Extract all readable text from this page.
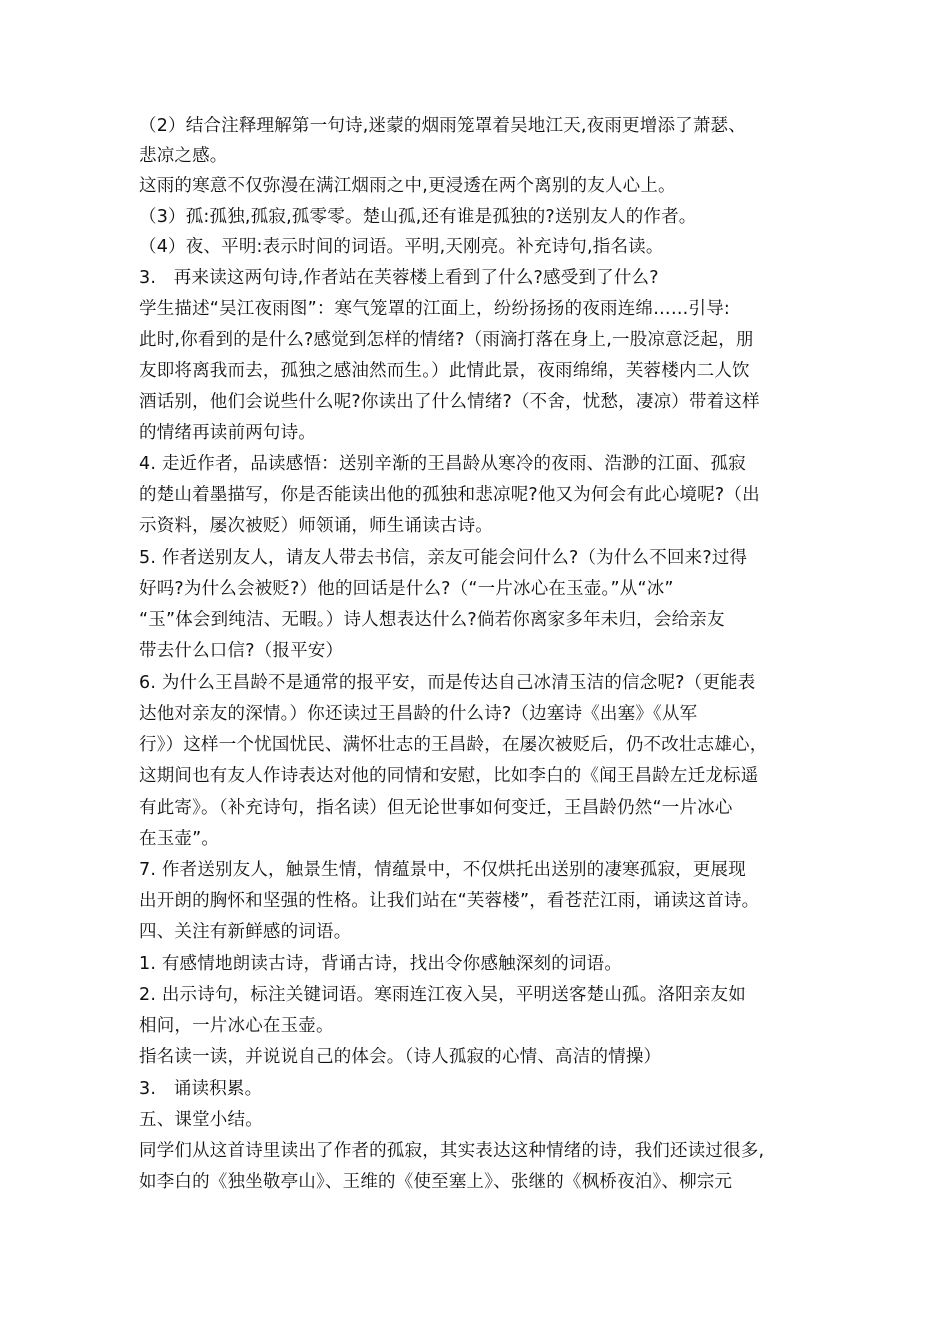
（2）结合注释理解第一句诗,迷蒙的烟雨笼罩着吴地江天,夜雨更增添了萧瑟、
悲凉之感。
这雨的寒意不仅弥漫在满江烟雨之中,更浸透在两个离别的友人心上。
（3）孤:孤独,孤寂,孤零零。楚山孤,还有谁是孤独的?送别友人的作者。
（4）夜、平明:表示时间的词语。平明,天刚亮。补充诗句,指名读。
3.　再来读这两句诗,作者站在芙蓉楼上看到了什么?感受到了什么?
学生描述“吴江夜雨图”：寒气笼罩的江面上，纷纷扬扬的夜雨连绵……引导:
此时,你看到的是什么?感觉到怎样的情绪?（雨滴打落在身上,一股凉意泛起，朋
友即将离我而去，孤独之感油然而生。）此情此景，夜雨绵绵，芙蓉楼内二人饮
酒话别，他们会说些什么呢?你读出了什么情绪?（不舍，忧愁，凄凉）带着这样
的情绪再读前两句诗。
4. 走近作者，品读感悟：送别辛渐的王昌龄从寒冷的夜雨、浩渺的江面、孤寂
的楚山着墨描写，你是否能读出他的孤独和悲凉呢?他又为何会有此心境呢?（出
示资料，屡次被贬）师领诵，师生诵读古诗。
5. 作者送别友人，请友人带去书信，亲友可能会问什么?（为什么不回来?过得
好吗?为什么会被贬?）他的回话是什么?（“一片冰心在玉壶。”从“冰”
“玉”体会到纯洁、无暇。）诗人想表达什么?倘若你离家多年未归，会给亲友
带去什么口信?（报平安）
6. 为什么王昌龄不是通常的报平安，而是传达自己冰清玉洁的信念呢?（更能表
达他对亲友的深情。）你还读过王昌龄的什么诗?（边塞诗《出塞》《从军
行》）这样一个忧国忧民、满怀壮志的王昌龄，在屡次被贬后，仍不改壮志雄心，
这期间也有友人作诗表达对他的同情和安慰，比如李白的《闻王昌龄左迁龙标遥
有此寄》。（补充诗句，指名读）但无论世事如何变迁，王昌龄仍然“一片冰心
在玉壶”。
7. 作者送别友人，触景生情，情蕴景中，不仅烘托出送别的凄寒孤寂，更展现
出开朗的胸怀和坚强的性格。让我们站在“芙蓉楼”，看苍茫江雨，诵读这首诗。
四、关注有新鲜感的词语。
1. 有感情地朗读古诗，背诵古诗，找出令你感触深刻的词语。
2. 出示诗句，标注关键词语。寒雨连江夜入吴，平明送客楚山孤。洛阳亲友如
相问，一片冰心在玉壶。
指名读一读，并说说自己的体会。（诗人孤寂的心情、高洁的情操）
3.　诵读积累。
五、课堂小结。
同学们从这首诗里读出了作者的孤寂，其实表达这种情绪的诗，我们还读过很多,
如李白的《独坐敬亭山》、王维的《使至塞上》、张继的《枫桥夜泊》、柳宗元
